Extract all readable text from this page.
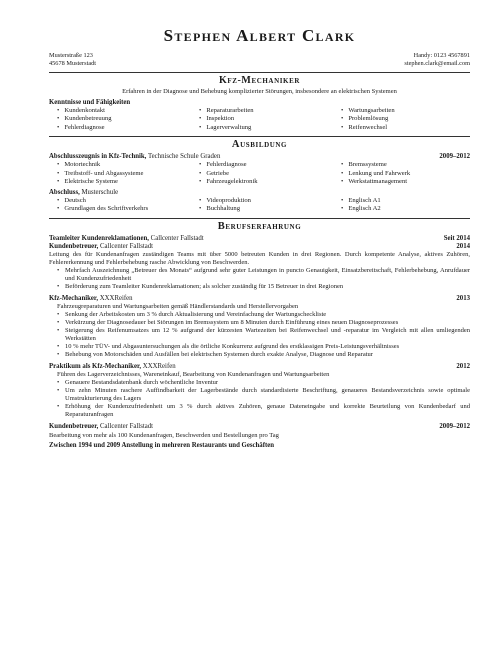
Stephen Albert Clark
Musterstraße 123
45678 Musterstadt
Handy: 0123 4567891
stephen.clark@email.com
Kfz-Mechaniker
Erfahren in der Diagnose und Behebung komplizierter Störungen, insbesondere an elektrischen Systemen
Kenntnisse und Fähigkeiten
• Kundenkontakt	• Reparaturarbeiten	• Wartungsarbeiten
• Kundenbetreuung	• Inspektion	• Problemlösung
• Fehlerdiagnose	• Lagerverwaltung	• Reifenwechsel
Ausbildung
Abschlusszeugnis in Kfz-Technik, Technische Schule Graden	2009–2012
• Motortechnik	• Fehlerdiagnose	• Bremssysteme
• Treibstoff- und Abgassysteme	• Getriebe	• Lenkung und Fahrwerk
• Elektrische Systeme	• Fahrzeugelektronik	• Werkstattmanagement
Abschluss, Musterschule
• Deutsch	• Videoproduktion	• Englisch A1
• Grundlagen des Schriftverkehrs	• Buchhaltung	• Englisch A2
Berufserfahrung
Teamleiter Kundenreklamationen, Callcenter Fallstadt	Seit 2014
Kundenbetreuer, Callcenter Fallstadt	2014
Leitung des für Kundenanfragen zuständigen Teams mit über 5000 betreuten Kunden in drei Regionen. Durch kompetente Analyse, aktives Zuhören, Fehlererkennung und Fehlerbehebung rasche Abwicklung von Beschwerden.
• Mehrfach Auszeichnung „Betreuer des Monats“ aufgrund sehr guter Leistungen in puncto Genauigkeit, Einsatzbereitschaft, Fehlerbehebung, Anrufdauer und Kundenzufriedenheit
• Beförderung zum Teamleiter Kundenreklamationen; als solcher zuständig für 15 Betreuer in drei Regionen
Kfz-Mechaniker, XXXReifen	2013
Fahrzeugreparaturen und Wartungsarbeiten gemäß Händlerstandards und Herstellervorgaben
• Senkung der Arbeitskosten um 3 % durch Aktualisierung und Vereinfachung der Wartungscheckliste
• Verkürzung der Diagnosedauer bei Störungen im Bremssystem um 8 Minuten durch Einführung eines neuen Diagnoseprozesses
• Steigerung des Reifenumsatzes um 12 % aufgrand der kürzesten Wartezeiten bei Reifenwechsel und -reparatur im Vergleich mit allen umliegenden Werkstätten
• 10 % mehr TÜV- und Abgasuntersuchungen als die örtliche Konkurrenz aufgrund des erstklassigen Preis-Leistungsverhältnisses
• Behebung von Motorschäden und Ausfällen bei elektrischen Systemen durch exakte Analyse, Diagnose und Reparatur
Praktikum als Kfz-Mechaniker, XXXReifen	2012
Führen des Lagerverzeichnisses, Wareneinkauf, Bearbeitung von Kundenanfragen und Wartungsarbeiten
• Genauere Bestandsdatenbank durch wöchentliche Inventur
• Um zehn Minuten raschere Auffindbarkeit der Lagerbestände durch standardisierte Beschriftung, genaueres Bestandsverzeichnis sowie optimale Umstrukturierung des Lagers
• Erhöhung der Kundenzufriedenheit um 3 % durch aktives Zuhören, genaue Dateneingabe und korrekte Beurteilung von Kundenbedarf und Reparaturanfragen
Kundenbetreuer, Callcenter Fallstadt	2009–2012
Bearbeitung von mehr als 100 Kundenanfragen, Beschwerden und Bestellungen pro Tag
Zwischen 1994 und 2009 Anstellung in mehreren Restaurants und Geschäften
